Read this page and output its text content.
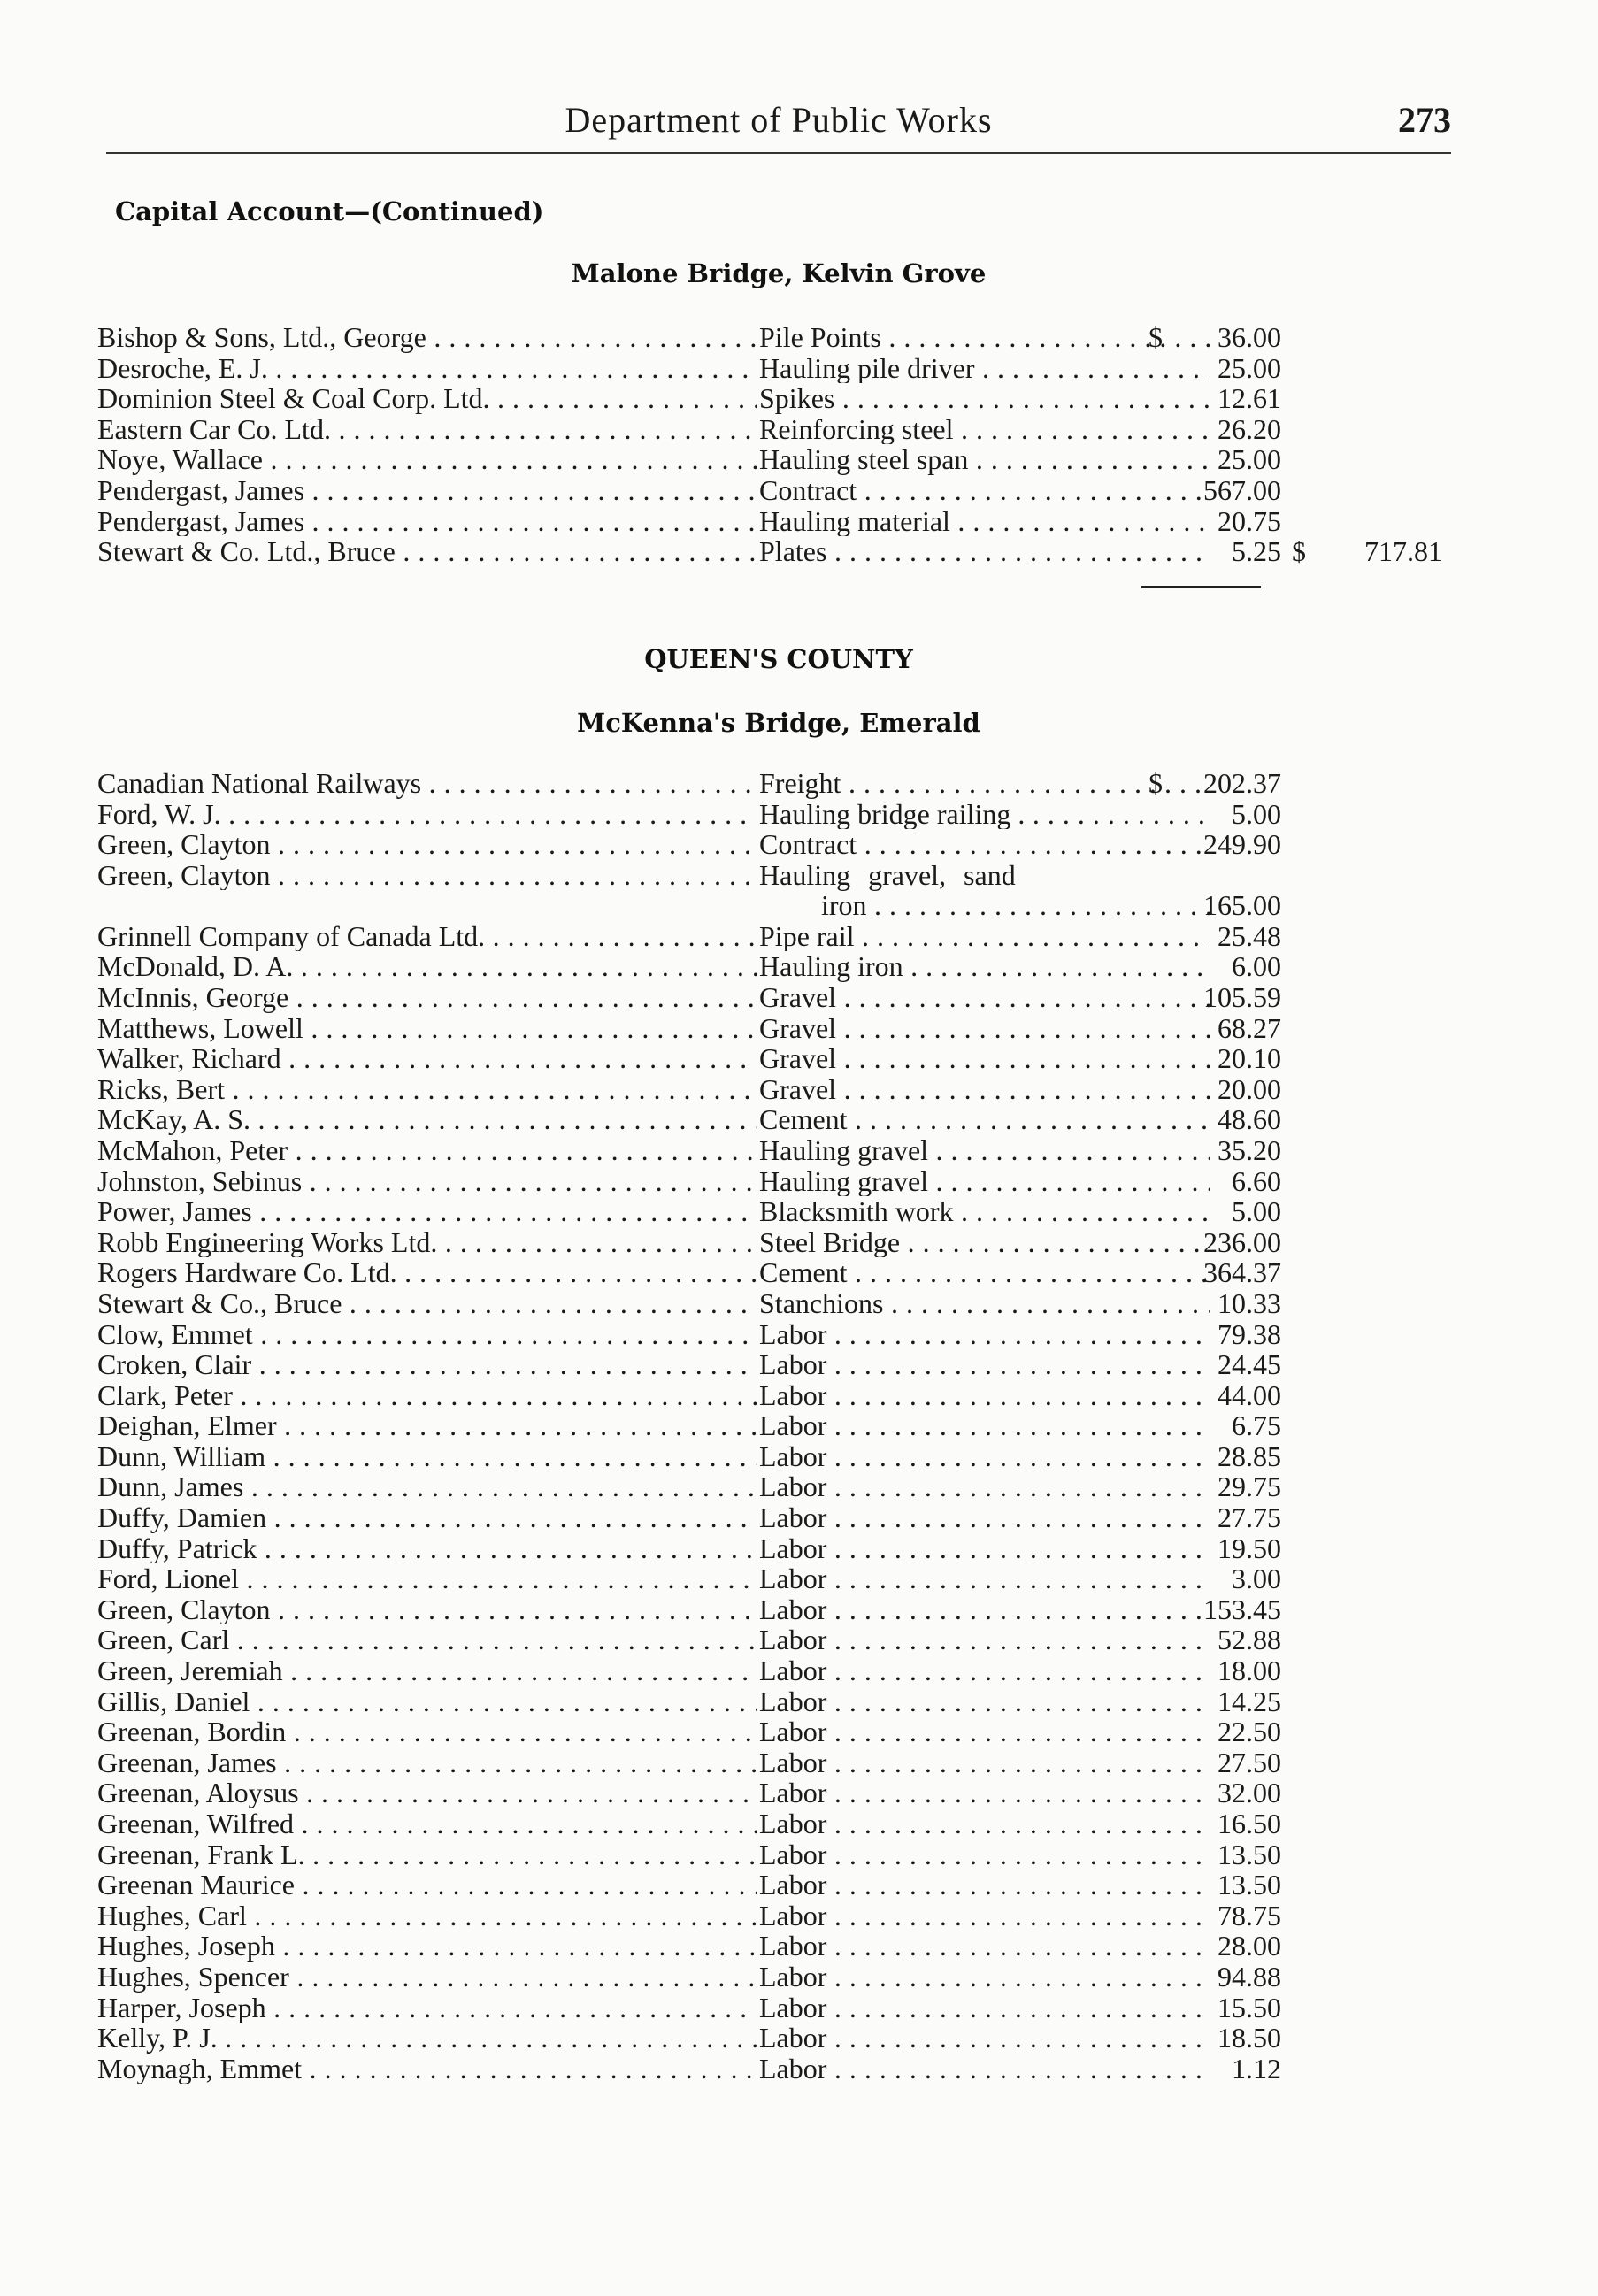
Department of Public Works	273
Capital Account—(Continued)
Malone Bridge, Kelvin Grove
Bishop & Sons, Ltd., George . . .	Pile Points . . .	$	36.00
Desroche, E. J. . . .	Hauling pile driver . . .	25.00
Dominion Steel & Coal Corp. Ltd. . . .	Spikes . . .	12.61
Eastern Car Co. Ltd. . . .	Reinforcing steel . . .	26.20
Noye, Wallace . . .	Hauling steel span . . .	25.00
Pendergast, James . . .	Contract . . .	567.00
Pendergast, James . . .	Hauling material . . .	20.75
Stewart & Co. Ltd., Bruce . . .	Plates . . .	5.25 $	717.81
QUEEN'S COUNTY
McKenna's Bridge, Emerald
Canadian National Railways . . .	Freight . . .	$	202.37
Ford, W. J. . . .	Hauling bridge railing . . . .	5.00
Green, Clayton . . .	Contract . . .	249.90
Green, Clayton . . .	Hauling gravel, sand
iron . . .	165.00
Grinnell Company of Canada Ltd. . . .	Pipe rail . . .	25.48
McDonald, D. A. . . .	Hauling iron . . .	6.00
McInnis, George . . .	Gravel . . .	105.59
Matthews, Lowell . . .	Gravel . . .	68.27
Walker, Richard . . .	Gravel . . .	20.10
Ricks, Bert . . .	Gravel . . .	20.00
McKay, A. S. . . .	Cement . . .	48.60
McMahon, Peter . . .	Hauling gravel . . .	35.20
Johnston, Sebinus . . .	Hauling gravel . . .	6.60
Power, James . . .	Blacksmith work . . .	5.00
Robb Engineering Works Ltd. . . .	Steel Bridge . . .	236.00
Rogers Hardware Co. Ltd. . . .	Cement . . .	364.37
Stewart & Co., Bruce . . .	Stanchions . . .	10.33
Clow, Emmet . . .	Labor . . .	79.38
Croken, Clair . . .	Labor . . .	24.45
Clark, Peter . . .	Labor . . .	44.00
Deighan, Elmer . . .	Labor . . .	6.75
Dunn, William . . .	Labor . . .	28.85
Dunn, James . . .	Labor . . .	29.75
Duffy, Damien . . .	Labor . . .	27.75
Duffy, Patrick . . .	Labor . . .	19.50
Ford, Lionel . . .	Labor . . .	3.00
Green, Clayton . . .	Labor . . .	153.45
Green, Carl . . .	Labor . . .	52.88
Green, Jeremiah . . .	Labor . . .	18.00
Gillis, Daniel . . .	Labor . . .	14.25
Greenan, Bordin . . .	Labor . . .	22.50
Greenan, James . . .	Labor . . .	27.50
Greenan, Aloysus . . .	Labor . . .	32.00
Greenan, Wilfred . . .	Labor . . .	16.50
Greenan, Frank L. . . .	Labor . . .	13.50
Greenan Maurice . . .	Labor . . .	13.50
Hughes, Carl . . .	Labor . . .	78.75
Hughes, Joseph . . .	Labor . . .	28.00
Hughes, Spencer . . .	Labor . . .	94.88
Harper, Joseph . . .	Labor . . .	15.50
Kelly, P. J. . . .	Labor . . .	18.50
Moynagh, Emmet . . .	Labor . . .	1.12
